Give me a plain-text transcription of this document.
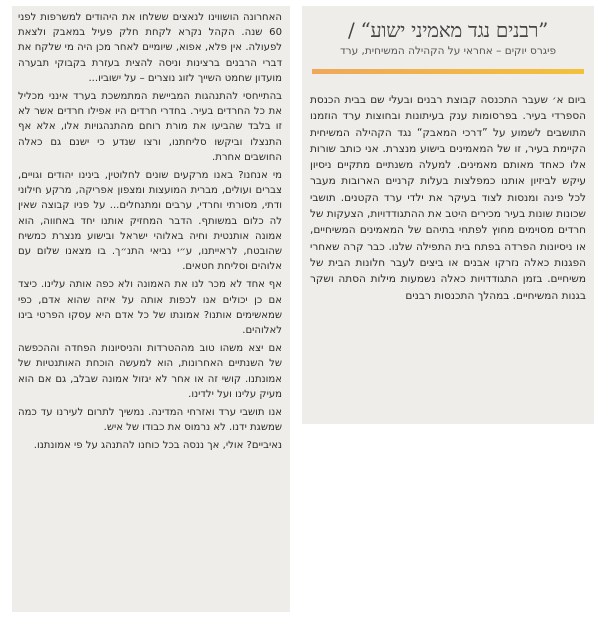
האחרונה הושווינו לנאצים ששלחו את היהודים למשרפות לפני 60 שנה. הקהל נקרא לקחת חלק פעיל במאבק ולצאת לפעולה. אין פלא, אפוא, שיומיים לאחר מכן היה מי שלקח את דברי הרבנים ברצינות וניסה להצית בעזרת בקבוקי תבערה מועדון שחמט השייך לזוג נוצרים – על ישוביו...

בהתייחסי להתנהגות המביישת המתמשכת בערד אינני מכליל את כל החרדים בעיר. בחדרי חרדים היו אפילו חרדים אשר לא זו בלבד שהביעו את מורת רוחם מהתנהגויות אלו, אלא אף התנצלו וביקשו סליחתנו, ורצו שנדע כי ישנם גם כאלה החושבים אחרת.

מי אנחנו? באנו מרקעים שונים לחלוטין, בינינו יהודים וגויים, צברים ועולים, מברית המועצות ומצפון אפריקה, מרקע חילוני ודתי, מסורתי וחרדי, ערבים ומתנחלים... על פניו קבוצה שאין לה כלום במשותף. הדבר המחזיק אותנו יחד באחווה, הוא אמונה אותנטית וחיה באלוהי ישראל ובישוע מנצרת כמשיח שהובטח, לראייתנו, ע״י נביאי התנ״ך. בו מצאנו שלום עם אלוהים וסליחת חטאים.

אף אחד לא מכר לנו את האמונה ולא כפה אותה עלינו. כיצד אם כן יכולים אנו לכפות אותה על איזה שהוא אדם, כפי שמאשימים אותנו? אמונתו של כל אדם היא עסקו הפרטי בינו לאלוהים.

אם יצא משהו טוב מההטרדות והניסיונות הפחדה וההכפשה של השנתיים האחרונות, הוא למעשה הוכחת האותנטיות של אמונתנו. קושי זה או אחר לא יגזול אמונה שבלב, גם אם הוא מעיק עלינו ועל ילדינו.

אנו תושבי ערד ואזרחי המדינה. נמשיך לתרום לעירנו עד כמה שמשגת ידנו. לא נרמוס את כבודו של איש.

נאיביים? אולי, אך ננסה בכל כוחנו להתנהג על פי אמונתנו.

”רבנים נגד מאמיני ישוע“ /
פיגרס יוקים – אחראי על הקהילה המשיחית, ערד

ביום א׳ שעבר התכנסה קבוצת רבנים ובעלי שם בבית הכנסת הספרדי בעיר. בפרסומות ענק בעיתונות ובחוצות ערד הוזמנו התושבים לשמוע על ”דרכי המאבק“ נגד הקהילה המשיחית הקיימת בעיר, זו של המאמינים בישוע מנצרת. אני כותב שורות אלו כאחד מאותם מאמינים. למעלה משנתיים מתקיים ניסיון עיקש לביזיון אותנו כמפלצות בעלות קרניים הארובות מעבר לכל פינה ומנסות לצוד בעיקר את ילדי ערד הקטנים. תושבי שכונות שונות בעיר מכירים היטב את ההתגודדויות, הצעקות של חרדים מסוימים מחוץ לפתחי בתיהם של המאמינים המשיחיים, או ניסיונות הפרדה בפתח בית התפילה שלנו. כבר קרה שאחרי הפגנות כאלה נזרקו אבנים או ביצים לעבר חלונות הבית של משיחיים. בזמן התגודדויות כאלה נשמעות מילות הסתה ושקר בגנות המשיחיים. במהלך התכנסות רבנים
